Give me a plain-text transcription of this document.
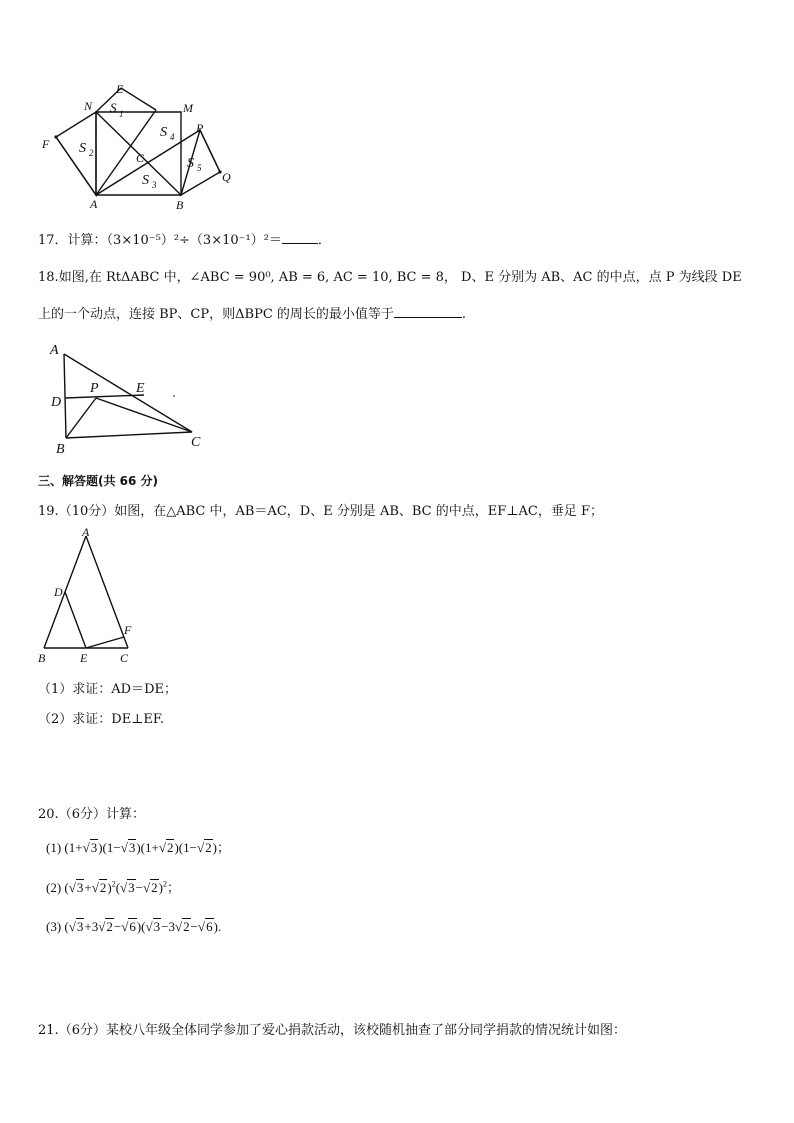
E
N S 1	M
P
F S 2
S 4
C	S 5
S 3
Q
A	B
17．计算：（3×10⁻⁵）²÷（3×10⁻¹）²＝	．
18.如图,在 RtΔABC 中，∠ABC = 90⁰, AB = 6, AC = 10, BC = 8， D、E 分别为 AB、AC 的中点，点 P 为线段 DE
上的一个动点，连接 BP、CP，则ΔBPC 的周长的最小值等于	.
A
P	E
D
B	C
三、解答题(共 66 分)
19.（10分）如图，在△ABC 中，AB＝AC，D、E 分别是 AB、BC 的中点，EF⊥AC，垂足 F；
A
D
F
B	E	C
（1）求证：AD＝DE；
（2）求证：DE⊥EF.
20.（6分）计算：
(1) (1+√3)(1−√3)(1+√2)(1−√2)；
(2) $(√3+√2)^2(√3-√2)^2$；
(3) (√3+3√2−√6)(√3−3√2−√6).
21.（6分）某校八年级全体同学参加了爱心捐款活动，该校随机抽查了部分同学捐款的情况统计如图：
